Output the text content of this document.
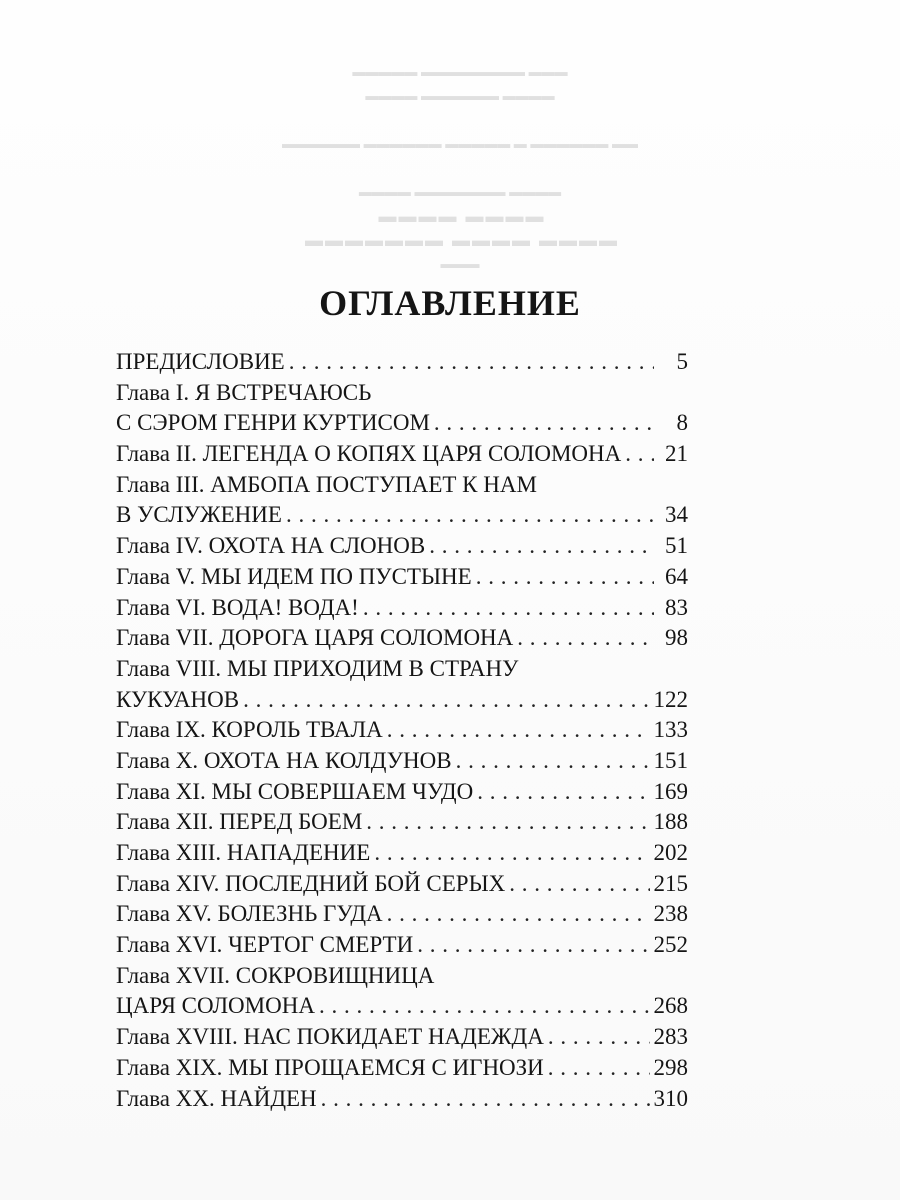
▬▬▬ ▬▬▬▬▬▬▬▬ ▬▬▬▬▬
▬▬▬▬ ▬▬▬▬▬▬ ▬▬▬▬

▬▬ ▬▬▬▬▬▬ ▬ ▬▬▬▬▬ ▬▬▬▬▬▬ ▬▬▬▬▬▬

▬▬▬▬ ▬▬▬▬▬▬▬ ▬▬▬▬
▬▬▬▬ ▬▬▬▬
▬▬▬▬ ▬▬▬▬ ▬▬▬▬▬▬▬
▬▬▬
ОГЛАВЛЕНИЕ
ПРЕДИСЛОВИЕ . . .	5
Глава I. Я ВСТРЕЧАЮСЬ
С СЭРОМ ГЕНРИ КУРТИСОМ . . .	8
Глава II. ЛЕГЕНДА О КОПЯХ ЦАРЯ СОЛОМОНА . . .	21
Глава III. АМБОПА ПОСТУПАЕТ К НАМ
В УСЛУЖЕНИЕ . . .	34
Глава IV. ОХОТА НА СЛОНОВ . . .	51
Глава V. МЫ ИДЕМ ПО ПУСТЫНЕ . . .	64
Глава VI. ВОДА! ВОДА! . . .	83
Глава VII. ДОРОГА ЦАРЯ СОЛОМОНА . . .	98
Глава VIII. МЫ ПРИХОДИМ В СТРАНУ
КУКУАНОВ . . .	122
Глава IX. КОРОЛЬ ТВАЛА . . .	133
Глава X. ОХОТА НА КОЛДУНОВ . . .	151
Глава XI. МЫ СОВЕРШАЕМ ЧУДО . . .	169
Глава XII. ПЕРЕД БОЕМ . . .	188
Глава XIII. НАПАДЕНИЕ . . .	202
Глава XIV. ПОСЛЕДНИЙ БОЙ СЕРЫХ . . .	215
Глава XV. БОЛЕЗНЬ ГУДА . . .	238
Глава XVI. ЧЕРТОГ СМЕРТИ . . .	252
Глава XVII. СОКРОВИЩНИЦА
ЦАРЯ СОЛОМОНА . . .	268
Глава XVIII. НАС ПОКИДАЕТ НАДЕЖДА . . .	283
Глава XIX. МЫ ПРОЩАЕМСЯ С ИГНОЗИ . . .	298
Глава XX. НАЙДЕН . . .	310
